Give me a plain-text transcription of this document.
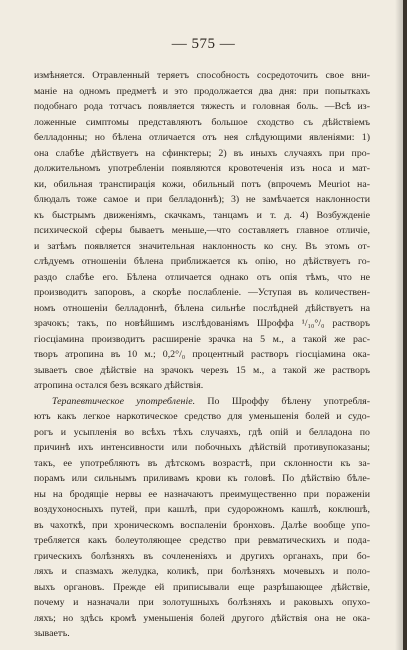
— 575 —
измѣняется. Отравленный теряетъ способность сосредоточить свое вни-
маніе на одномъ предметѣ и это продолжается два дня: при попыткахъ
подобнаго рода тотчасъ появляется тяжесть и головная боль. —Всѣ из-
ложенные симптомы представляютъ большое сходство съ дѣйствіемъ
белладонны; но бѣлена отличается отъ нея слѣдующими явленіями: 1)
она слабѣе дѣйствуетъ на сфинктеры; 2) въ иныхъ случаяхъ при про-
должительномъ употребленіи появляются кровотеченія изъ носа и мат-
ки, обильная транспирація кожи, обильный потъ (впрочемъ Meuriot на-
блюдалъ тоже самое и при белладоннѣ); 3) не замѣчается наклонности
къ быстрымъ движеніямъ, скачкамъ, танцамъ и т. д. 4) Возбужденіе
психической сферы бываетъ меньше,—что составляетъ главное отличіе,
и затѣмъ появляется значительная наклонность ко сну. Въ этомъ от-
слѣдуемъ отношеніи бѣлена приближается къ опію, но дѣйствуетъ го-
раздо слабѣе его. Бѣлена отличается однако отъ опія тѣмъ, что не
производитъ запоровъ, а скорѣе послабленіе. —Уступая въ количествен-
номъ отношеніи белладоннѣ, бѣлена сильнѣе послѣдней дѣйствуетъ на
зрачокъ; такъ, по новѣйшимъ изслѣдованіямъ Шроффа ¹/₁₀°/₀ растворъ
гіосціамина производитъ расширеніе зрачка на 5 м., а такой же рас-
творъ атропина въ 10 м.; 0,2°/₀ процентный растворъ гіосціамина ока-
зываетъ свое дѣйствіе на зрачокъ черезъ 15 м., а такой же растворъ
атропина остался безъ всякаго дѣйствія.
Терапевтическое употребленіе. По Шроффу бѣлену употребля-
ютъ какъ легкое наркотическое средство для уменьшенія болей и судо-
рогъ и усыпленія во всѣхъ тѣхъ случаяхъ, гдѣ опій и белладона по
причинѣ ихъ интенсивности или побочныхъ дѣйствій противупоказаны;
такъ, ее употребляютъ въ дѣтскомъ возрастѣ, при склонности къ за-
порамъ или сильнымъ приливамъ крови къ головѣ. По дѣйствію бѣле-
ны на бродящіе нервы ее назначаютъ преимущественно при пораженіи
воздухоносныхъ путей, при кашлѣ, при судорожномъ кашлѣ, коклюшѣ,
въ чахоткѣ, при хроническомъ воспаленіи бронховъ. Далѣе вообще упо-
требляется какъ болеутоляющее средство при ревматическихъ и пода-
грическихъ болѣзняхъ въ сочлененіяхъ и другихъ органахъ, при бо-
ляхъ и спазмахъ желудка, коликѣ, при болѣзняхъ мочевыхъ и поло-
выхъ органовъ. Прежде ей приписывали еще разрѣшающее дѣйствіе,
почему и назначали при золотушныхъ болѣзняхъ и раковыхъ опухо-
ляхъ; но здѣсь кромѣ уменьшенія болей другого дѣйствія она не ока-
зываетъ.
